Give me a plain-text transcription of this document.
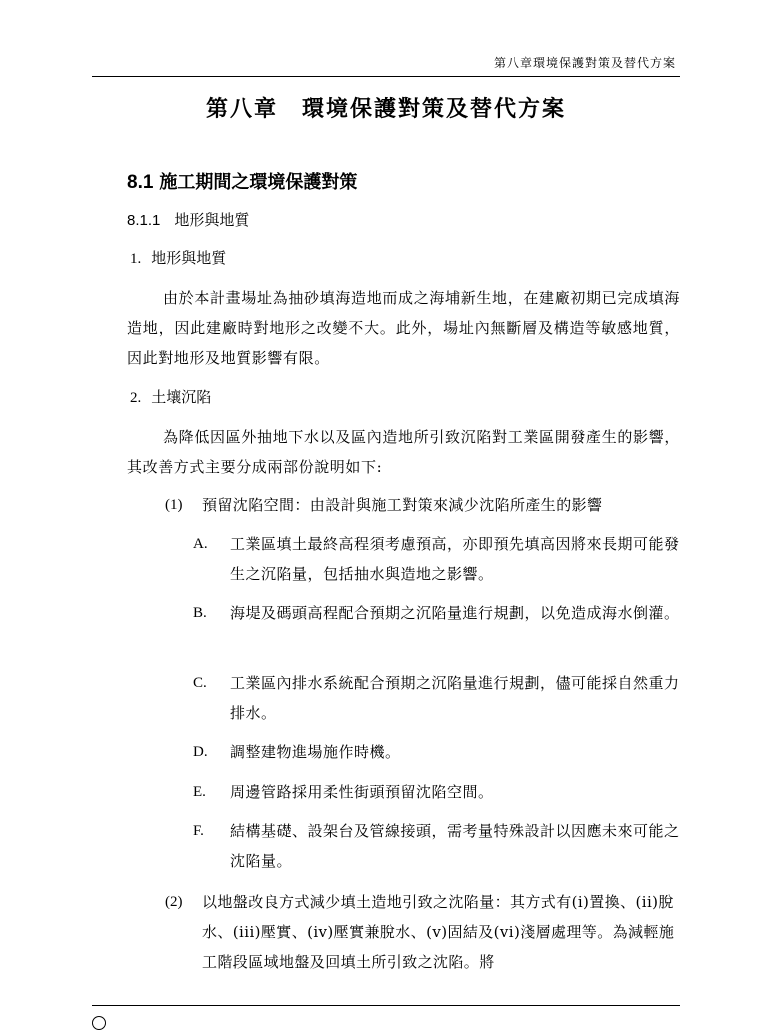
第八章環境保護對策及替代方案
第八章　環境保護對策及替代方案
8.1 施工期間之環境保護對策
8.1.1 地形與地質
1. 地形與地質

由於本計畫場址為抽砂填海造地而成之海埔新生地，在建廠初期已完成填海造地，因此建廠時對地形之改變不大。此外，場址內無斷層及構造等敏感地質，因此對地形及地質影響有限。

2. 土壤沉陷

為降低因區外抽地下水以及區內造地所引致沉陷對工業區開發產生的影響，其改善方式主要分成兩部份說明如下:

(1) 預留沈陷空間：由設計與施工對策來減少沈陷所產生的影響
A. 工業區填土最終高程須考慮預高，亦即預先填高因將來長期可能發生之沉陷量，包括抽水與造地之影響。
B. 海堤及碼頭高程配合預期之沉陷量進行規劃，以免造成海水倒灌。
C. 工業區內排水系統配合預期之沉陷量進行規劃，儘可能採自然重力排水。
D. 調整建物進場施作時機。
E. 周邊管路採用柔性街頭預留沈陷空間。
F. 結構基礎、設架台及管線接頭，需考量特殊設計以因應未來可能之沈陷量。
(2) 以地盤改良方式減少填土造地引致之沈陷量：其方式有(i)置換、(ii)脫水、(iii)壓實、(iv)壓實兼脫水、(v)固結及(vi)淺層處理等。為減輕施工階段區域地盤及回填土所引致之沈陷。將
